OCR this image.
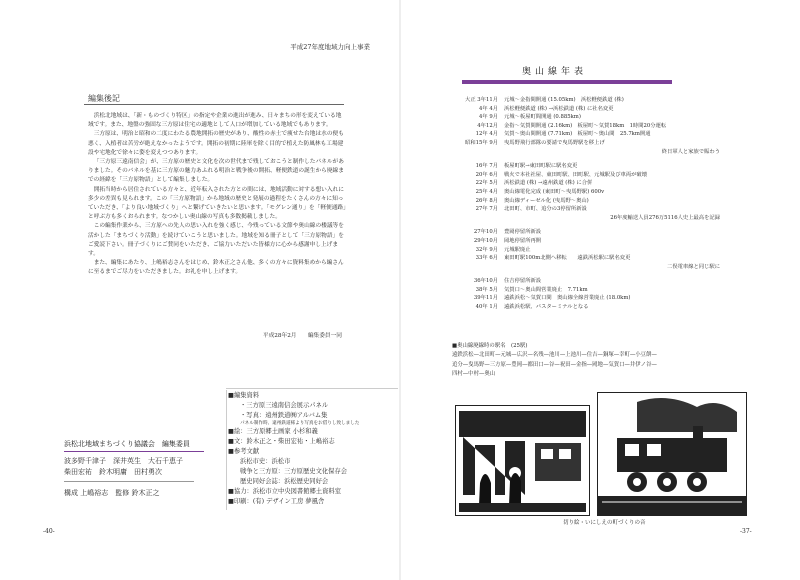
平成27年度地域力向上事業
編集後記

浜松北地域は、「新・ものづくり特区」の指定や企業の進出が進み、日々まちの形を変えている地域です。また、地盤の強固な三方原は住宅の適地として人口が増加している地域でもあります。

三方原は、明治と昭和の二度にわたる農地開拓の歴史があり、酸性の赤土で痩せた台地は水の便も悪く、入植者は苦労が絶えなかったようです。開拓の初期に陸軍を除く目的で植えた防風林も工場建設や宅地化で徐々に姿を変えつつあります。

「三方原三遠南信会」が、三方原の歴史と文化を次の世代まで残しておこうと制作したパネルがありました。そのパネルを基に三方原の魅力あふれる明治と戦争後の開拓、軽便鉄道の誕生から廃線までの経緯を「三方原物語」として編集しました。

開拓当時から居住されている方々と、近年転入された方との間には、地域活動に対する想い入れに多少の差異も見られます。この「三方原物語」から地域の歴史と発展の過程をたくさんの方々に知っていただき、「より良い地域づくり」へと繋げていきたいと思います。「モグレン通り」を「軽便通路」と呼ぶ方も多くおられます。なつかしい奥山線の写真も多数掲載しました。

この編集作業から、三方原への先人の思い入れを強く感じ、今残っている文節や奥山線の楼議等を活かした「まちづくり活動」を続けていこうと思いました。地域を知る冊子として「三方原物語」をご愛読下さい。冊子づくりにご賛同をいただき、ご協力いただいた皆様方に心から感謝申し上げます。

また、編集にあたり、上嶋裕志さんをはじめ、鈴木正之さん他、多くの方々に資料集めから編さんに至るまでご尽力をいただきました。お礼を申し上げます。

平成28年2月　　編集委員一同
浜松北地域まちづくり協議会　編集委員
波多野千津子　深井英生　大石千恵子
柴田宏祐　鈴木明庸　田村勇次
構成 上嶋裕志　監修 鈴木正之
■編集資料
・三方原三遠南信会展示パネル
・写真：遠州鉄道㈱アルバム集
パネル制作時、遠州鉄道様より写真をお借りし致しました
■絵：三方原郷土画家 小杉和義
■文：鈴木正之・柴田宏祐・上嶋裕志
■参考文献
浜松市史：浜松市
戦争と三方原：三方原歴史文化保存会
歴史同好会誌：浜松歴史同好会
■協力：浜松市立中央図書館郷土資料室
■印刷：(有) デザイン工房 夢風舎
-40-
奥山線年表
大正 3年11月	元城～金指間開通 (15.05km)　浜松軽便鉄道 (株)
4年 4月	浜松軽便鉄道 (株) →浜松鉄道 (株) に社名変更
4年 9月	元城～板屋町間開通 (0.885km)
4年12月	金指～気賀間開通 (2.16km)　板屋町～気賀18km　1時間20分運転
12年 4月	気賀～奥山間開通 (7.71km)　板屋町～奥山間　25.7km開通
昭和15年 9月	曳馬野飛行部隊の要請で曳馬野駅を移上げ
終日軍人と家族で賑わう
16年 7月	板屋町駅→東田町駅に駅名変更
20年 6月	戦火で本社社屋、東田町駅、田町駅、元城駅及び車両が破壊
22年 5月	浜松鉄道 (株) →遠州鉄道 (株) に合併
25年 4月	奥山線電化完成 (東田町～曳馬野駅) 600v
26年 8月	奥山線ディーゼル化 (曳馬野～奥山)
27年 7月	北田町、市町、追分の3停留所新設
26年度輸送人員276万5116人史上最高を記録
27年10月	豊岡停留所新設
29年10月	岡地停留所再開
32年 9月	元城駅廃止
33年 6月	東田町駅100m北側へ移転　　遠鉄浜松駅に駅名変更
二俣電車線と同じ駅に
36年10月	住吉停留所新設
38年 5月	気賀口～奥山間営業廃止　7.71km
39年11月	遠鉄浜松～気賀口間　奥山線全線営業廃止 (18.0km)
40年 1月	遠鉄浜松駅、バスターミナルとなる
■奥山線廃線時の駅名　(25駅)
遠鉄浜松—北田町—元城—広沢—名残—池川—上池川—住吉—銅塚—幸町—小豆餅—
追分—曳馬野—三方原—豊岡—都田口—谷—祝田—金指—岡地—気賀口—井伊ノ谷—
四村—中村—奥山
切り絵・いにしえの町づくりの音
-37-
